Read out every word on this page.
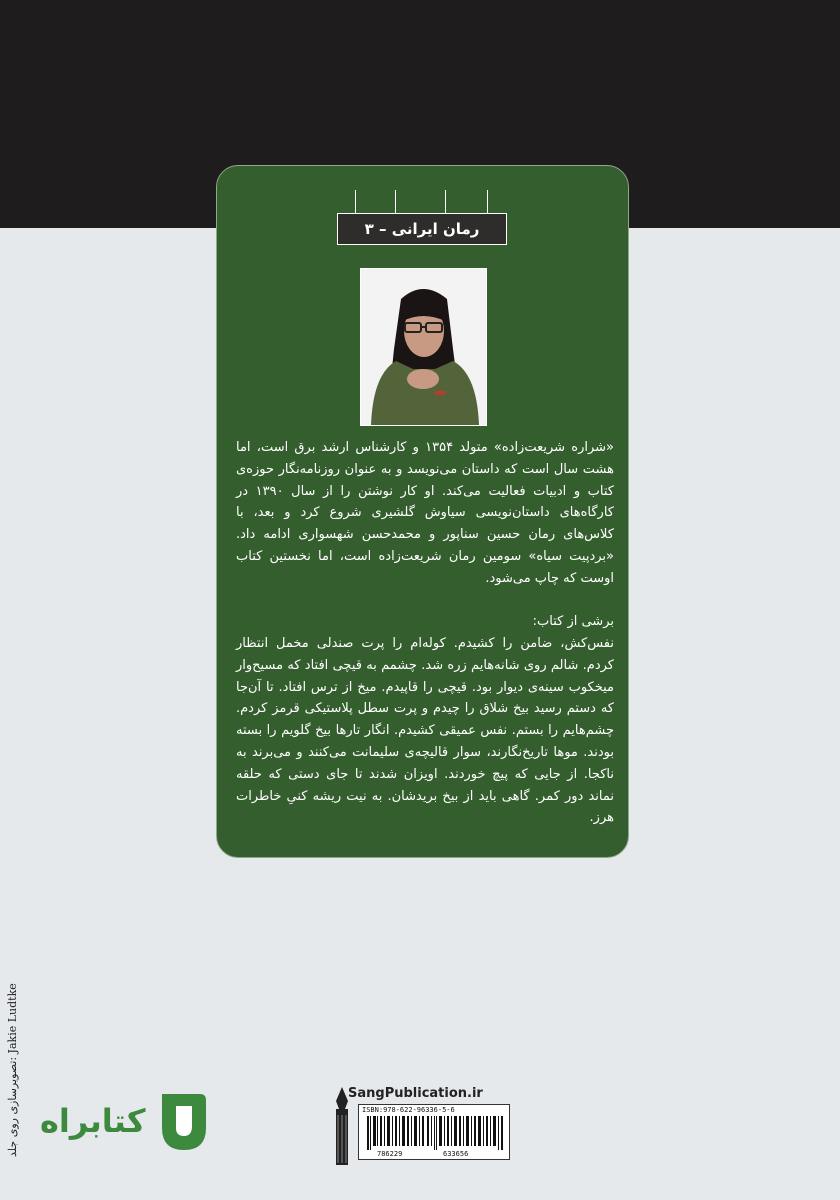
رمان ایرانی – ۳
«شراره شریعت‌زاده» متولد ۱۳۵۴ و کارشناس ارشد برق است، اما هشت سال است که داستان می‌نویسد و به عنوان روزنامه‌نگار حوزه‌ی کتاب و ادبیات فعالیت می‌کند. او کار نوشتن را از سال ۱۳۹۰ در کارگاه‌های داستان‌نویسی سیاوش گلشیری شروع کرد و بعد، با کلاس‌های رمان حسین سناپور و محمدحسن شهسواری ادامه داد. «بردپیت سیاه» سومین رمان شریعت‌زاده است، اما نخستین کتاب اوست که چاپ می‌شود.
برشی از کتاب:
نفس‌کش، ضامن را کشیدم. کوله‌ام را پرت صندلی مخمل انتظار کردم. شالم روی شانه‌هایم زره شد. چشمم به قیچی افتاد که مسیح‌وار میخکوب سینه‌ی دیوار بود. قیچی را قاپیدم. میخ از ترس افتاد. تا آن‌جا که دستم رسید بیخ شلاق را چیدم و پرت سطل پلاستیکی قرمز کردم. چشم‌هایم را بستم. نفس عمیقی کشیدم. انگار تارها بیخ گلویم را بسته بودند. موها تاریخ‌نگارند، سوار قالیچه‌ی سلیمانت می‌کنند و می‌برند به ناکجا. از جایی که پیچ خوردند. اویزان شدند تا جای دستی که حلقه نماند دور کمر. گاهی باید از بیخ بریدشان. به نیت ریشه کنیِ خاطرات هرز.
تصویرسازی روی جلد: Jakie Ludtke
کتابراه
SangPublication.ir
ISBN:978-622-96336-5-6
786229	633656
